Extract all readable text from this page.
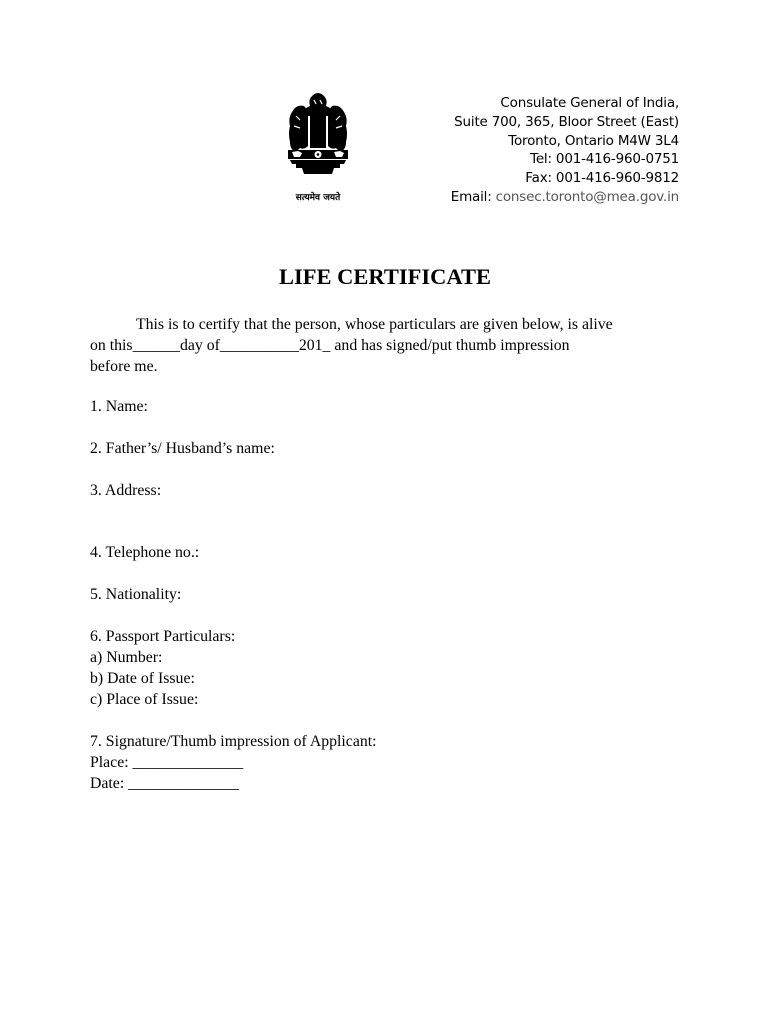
सत्यमेव जयते
Consulate General of India,
Suite 700, 365, Bloor Street (East)
Toronto, Ontario M4W 3L4
Tel: 001-416-960-0751
Fax: 001-416-960-9812
Email: consec.toronto@mea.gov.in
LIFE CERTIFICATE
This is to certify that the person, whose particulars are given below, is alive
on this______day of__________201_ and has signed/put thumb impression
before me.
1. Name:
2. Father’s/ Husband’s name:
3. Address:
4. Telephone no.:
5. Nationality:
6. Passport Particulars:
a) Number:
b) Date of Issue:
c) Place of Issue:
7. Signature/Thumb impression of Applicant:
Place: ______________
Date: ______________
